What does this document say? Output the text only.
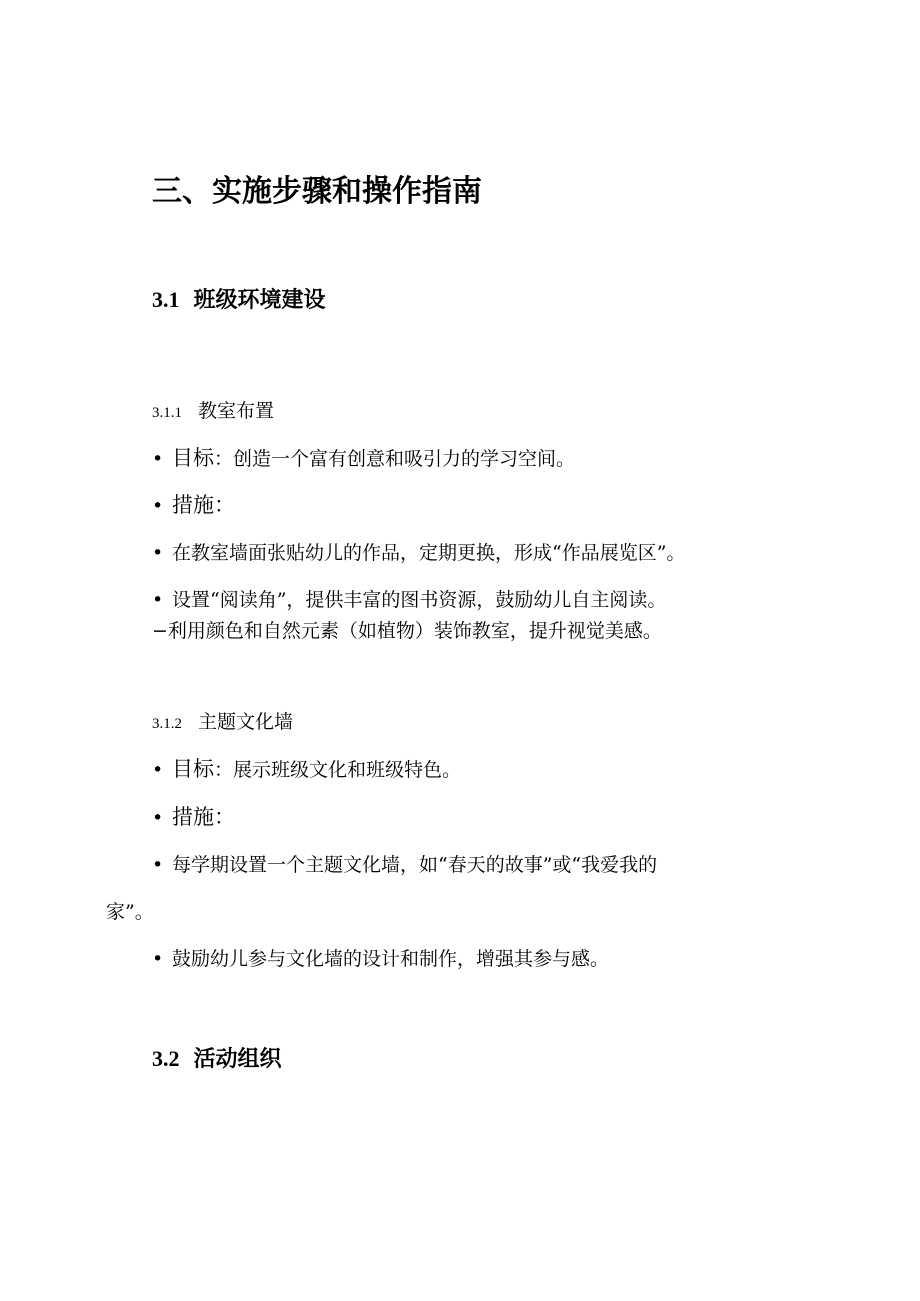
三、实施步骤和操作指南
3.1 班级环境建设
3.1.1 教室布置
• 目标：创造一个富有创意和吸引力的学习空间。
• 措施：
• 在教室墙面张贴幼儿的作品，定期更换，形成“作品展览区”。
• 设置“阅读角”，提供丰富的图书资源，鼓励幼儿自主阅读。
−利用颜色和自然元素（如植物）装饰教室，提升视觉美感。
3.1.2 主题文化墙
• 目标：展示班级文化和班级特色。
• 措施：
• 每学期设置一个主题文化墙，如“春天的故事”或“我爱我的
家”。
• 鼓励幼儿参与文化墙的设计和制作，增强其参与感。
3.2 活动组织
